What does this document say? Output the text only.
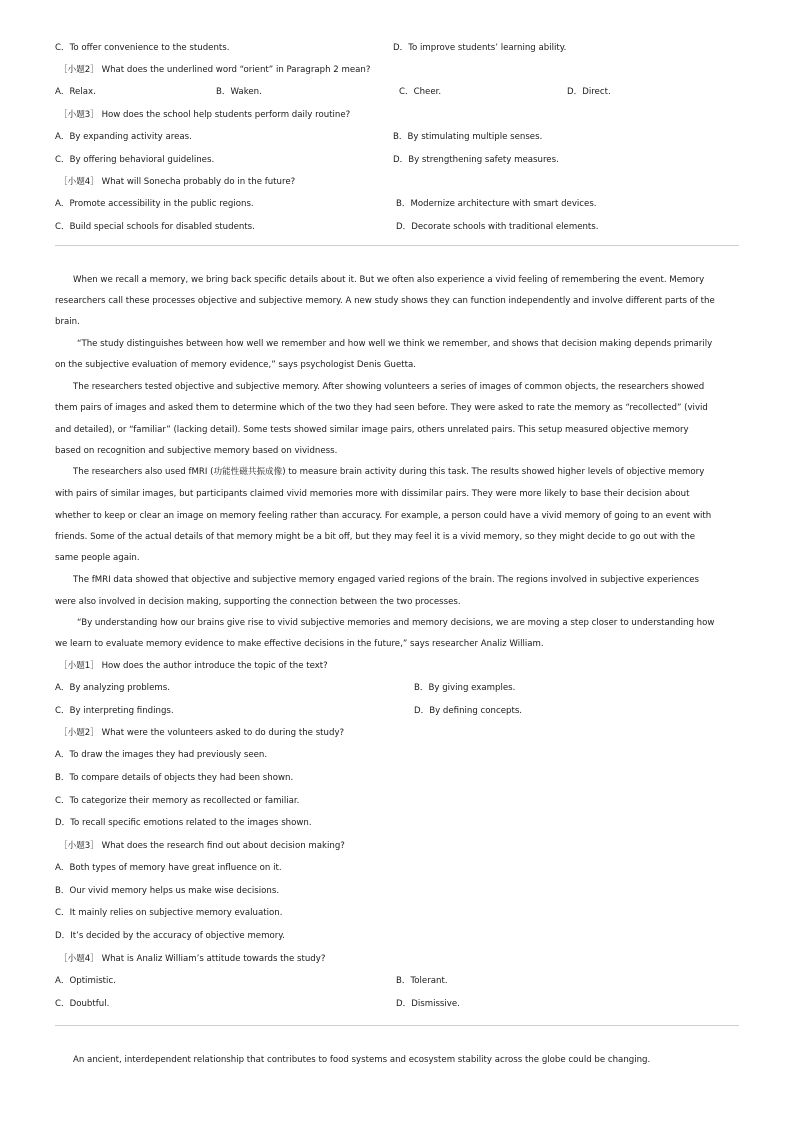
C．To offer convenience to the students.	D．To improve students’ learning ability.
［小题2］ What does the underlined word “orient” in Paragraph 2 mean?
A．Relax.	B．Waken.	C．Cheer.	D．Direct.
［小题3］ How does the school help students perform daily routine?
A．By expanding activity areas.	B．By stimulating multiple senses.
C．By offering behavioral guidelines.	D．By strengthening safety measures.
［小题4］ What will Sonecha probably do in the future?
A．Promote accessibility in the public regions.	B．Modernize architecture with smart devices.
C．Build special schools for disabled students.	D．Decorate schools with traditional elements.
When we recall a memory, we bring back specific details about it. But we often also experience a vivid feeling of remembering the event. Memory
researchers call these processes objective and subjective memory. A new study shows they can function independently and involve different parts of the
brain.
“The study distinguishes between how well we remember and how well we think we remember, and shows that decision making depends primarily
on the subjective evaluation of memory evidence,” says psychologist Denis Guetta.
The researchers tested objective and subjective memory. After showing volunteers a series of images of common objects, the researchers showed
them pairs of images and asked them to determine which of the two they had seen before. They were asked to rate the memory as “recollected” (vivid
and detailed), or “familiar” (lacking detail). Some tests showed similar image pairs, others unrelated pairs. This setup measured objective memory
based on recognition and subjective memory based on vividness.
The researchers also used fMRI (功能性磁共振成像) to measure brain activity during this task. The results showed higher levels of objective memory
with pairs of similar images, but participants claimed vivid memories more with dissimilar pairs. They were more likely to base their decision about
whether to keep or clear an image on memory feeling rather than accuracy. For example, a person could have a vivid memory of going to an event with
friends. Some of the actual details of that memory might be a bit off, but they may feel it is a vivid memory, so they might decide to go out with the
same people again.
The fMRI data showed that objective and subjective memory engaged varied regions of the brain. The regions involved in subjective experiences
were also involved in decision making, supporting the connection between the two processes.
“By understanding how our brains give rise to vivid subjective memories and memory decisions, we are moving a step closer to understanding how
we learn to evaluate memory evidence to make effective decisions in the future,” says researcher Analiz William.
［小题1］ How does the author introduce the topic of the text?
A．By analyzing problems.	B．By giving examples.
C．By interpreting findings.	D．By defining concepts.
［小题2］ What were the volunteers asked to do during the study?
A．To draw the images they had previously seen.
B．To compare details of objects they had been shown.
C．To categorize their memory as recollected or familiar.
D．To recall specific emotions related to the images shown.
［小题3］ What does the research find out about decision making?
A．Both types of memory have great influence on it.
B．Our vivid memory helps us make wise decisions.
C．It mainly relies on subjective memory evaluation.
D．It’s decided by the accuracy of objective memory.
［小题4］ What is Analiz William’s attitude towards the study?
A．Optimistic.	B．Tolerant.
C．Doubtful.	D．Dismissive.
An ancient, interdependent relationship that contributes to food systems and ecosystem stability across the globe could be changing.
